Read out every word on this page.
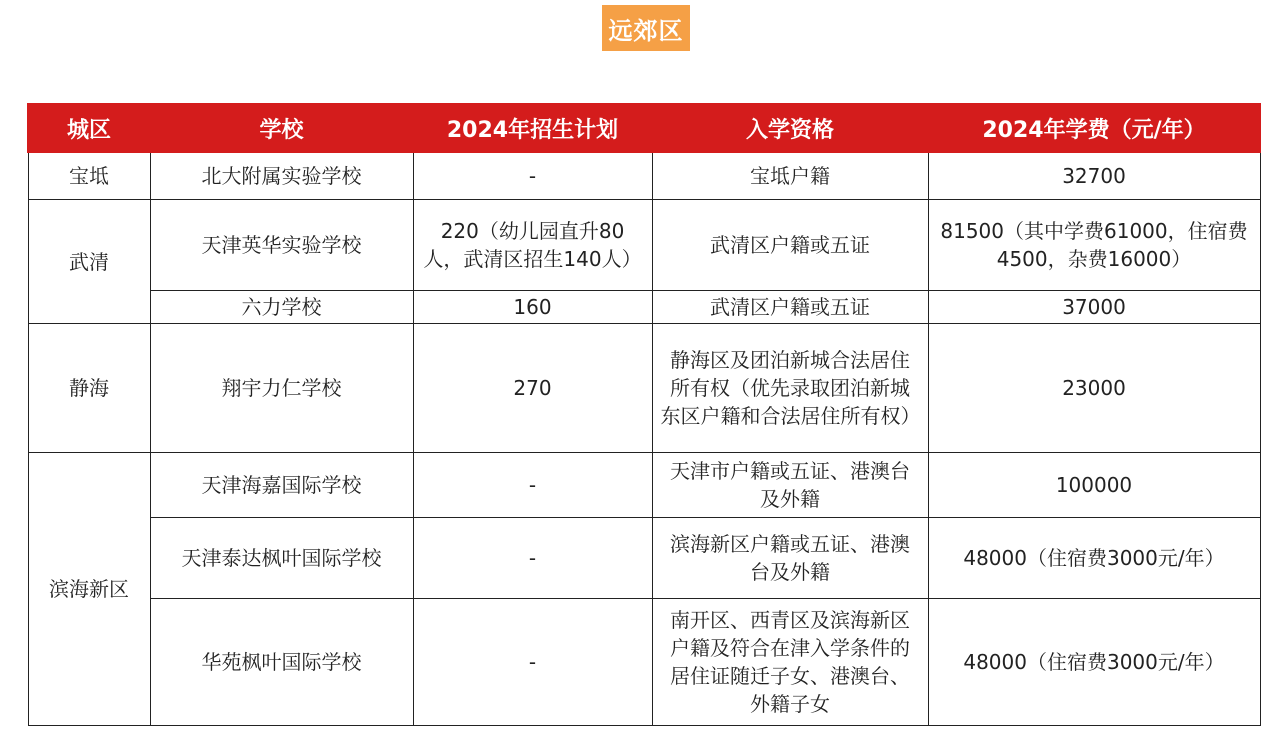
远郊区
城区	学校	2024年招生计划	入学资格	2024年学费（元/年）
宝坻	北大附属实验学校	-	宝坻户籍	32700
武清	天津英华实验学校	220（幼儿园直升80人，武清区招生140人）	武清区户籍或五证	81500（其中学费61000，住宿费4500，杂费16000）
	六力学校	160	武清区户籍或五证	37000
静海	翔宇力仁学校	270	静海区及团泊新城合法居住所有权（优先录取团泊新城东区户籍和合法居住所有权）	23000
滨海新区	天津海嘉国际学校	-	天津市户籍或五证、港澳台及外籍	100000
	天津泰达枫叶国际学校	-	滨海新区户籍或五证、港澳台及外籍	48000（住宿费3000元/年）
	华苑枫叶国际学校	-	南开区、西青区及滨海新区户籍及符合在津入学条件的居住证随迁子女、港澳台、外籍子女	48000（住宿费3000元/年）
